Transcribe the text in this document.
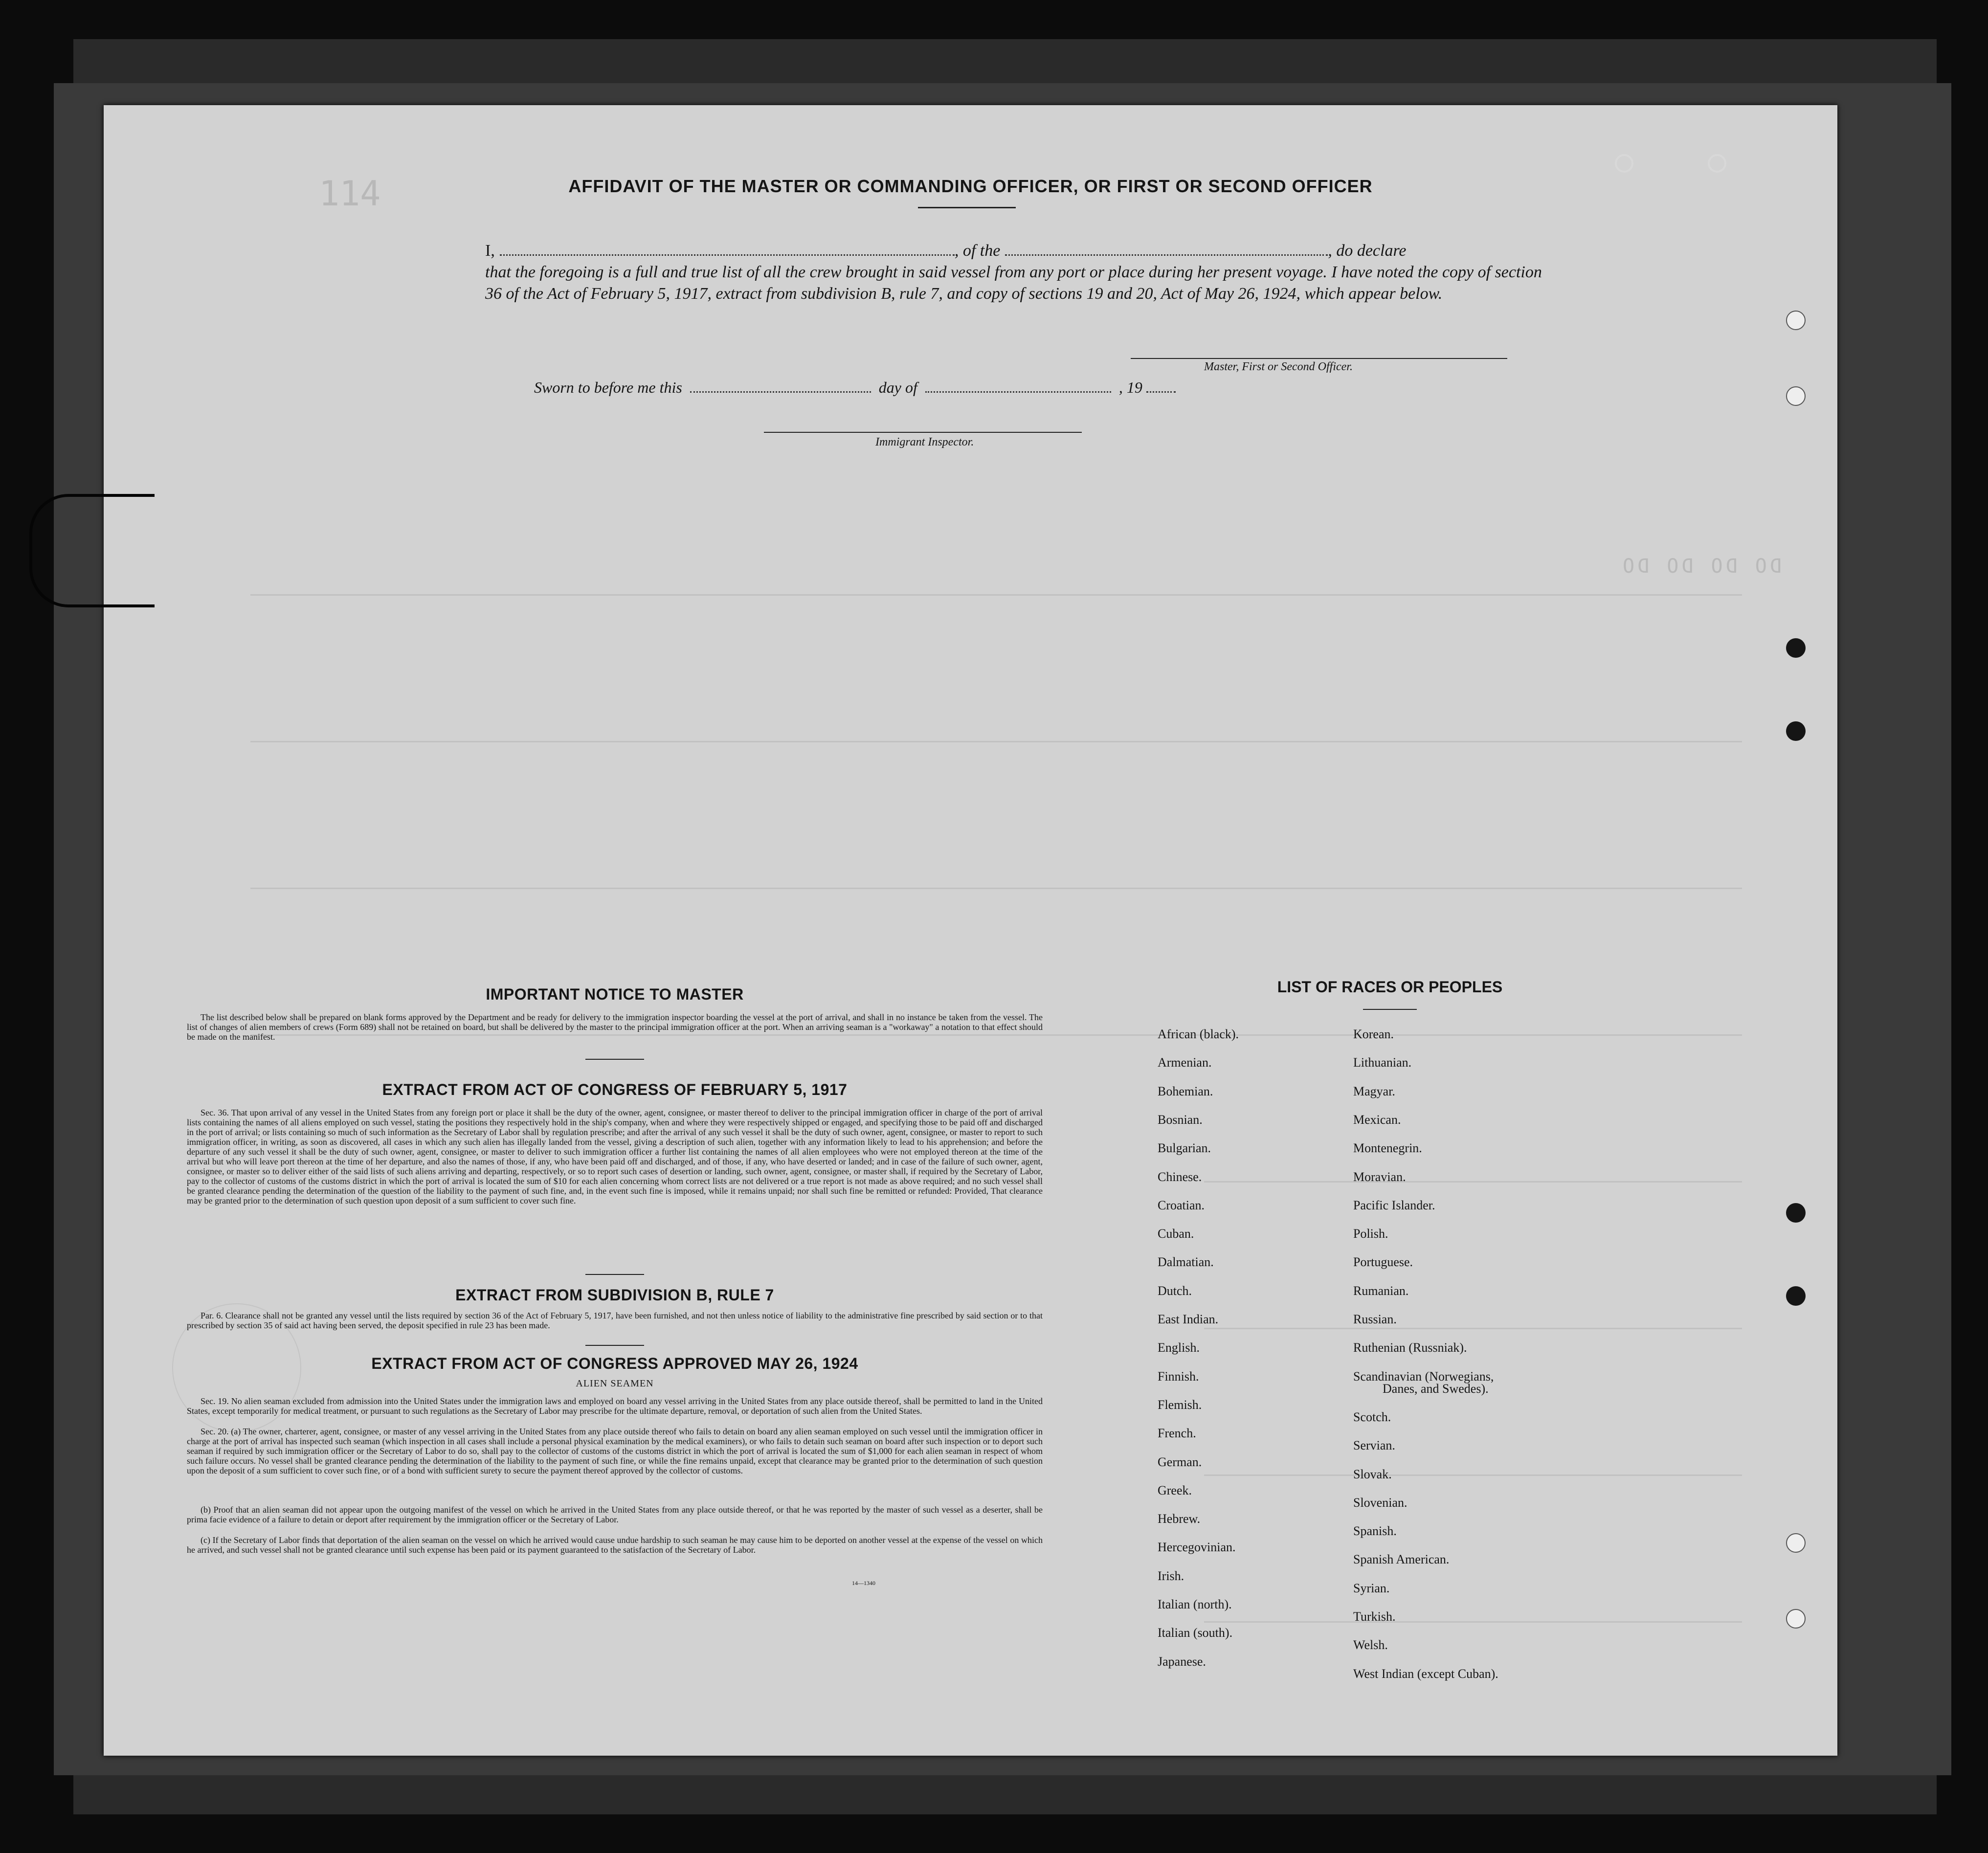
114
DO DO DO DO
AFFIDAVIT OF THE MASTER OR COMMANDING OFFICER, OR FIRST OR SECOND OFFICER
I,	, of the	, do declare
that the foregoing is a full and true list of all the crew brought in said vessel from any port or place during her present voyage. I have noted the copy of section 36 of the Act of February 5, 1917, extract from subdivision B, rule 7, and copy of sections 19 and 20, Act of May 26, 1924, which appear below.
Master, First or Second Officer.
Sworn to before me this	day of	, 19
Immigrant Inspector.
IMPORTANT NOTICE TO MASTER
The list described below shall be prepared on blank forms approved by the Department and be ready for delivery to the immigration inspector boarding the vessel at the port of arrival, and shall in no instance be taken from the vessel. The list of changes of alien members of crews (Form 689) shall not be retained on board, but shall be delivered by the master to the principal immigration officer at the port. When an arriving seaman is a "workaway" a notation to that effect should be made on the manifest.
EXTRACT FROM ACT OF CONGRESS OF FEBRUARY 5, 1917
Sec. 36. That upon arrival of any vessel in the United States from any foreign port or place it shall be the duty of the owner, agent, consignee, or master thereof to deliver to the principal immigration officer in charge of the port of arrival lists containing the names of all aliens employed on such vessel, stating the positions they respectively hold in the ship's company, when and where they were respectively shipped or engaged, and specifying those to be paid off and discharged in the port of arrival; or lists containing so much of such information as the Secretary of Labor shall by regulation prescribe; and after the arrival of any such vessel it shall be the duty of such owner, agent, consignee, or master to report to such immigration officer, in writing, as soon as discovered, all cases in which any such alien has illegally landed from the vessel, giving a description of such alien, together with any information likely to lead to his apprehension; and before the departure of any such vessel it shall be the duty of such owner, agent, consignee, or master to deliver to such immigration officer a further list containing the names of all alien employees who were not employed thereon at the time of the arrival but who will leave port thereon at the time of her departure, and also the names of those, if any, who have been paid off and discharged, and of those, if any, who have deserted or landed; and in case of the failure of such owner, agent, consignee, or master so to deliver either of the said lists of such aliens arriving and departing, respectively, or so to report such cases of desertion or landing, such owner, agent, consignee, or master shall, if required by the Secretary of Labor, pay to the collector of customs of the customs district in which the port of arrival is located the sum of $10 for each alien concerning whom correct lists are not delivered or a true report is not made as above required; and no such vessel shall be granted clearance pending the determination of the question of the liability to the payment of such fine, and, in the event such fine is imposed, while it remains unpaid; nor shall such fine be remitted or refunded: Provided, That clearance may be granted prior to the determination of such question upon deposit of a sum sufficient to cover such fine.
EXTRACT FROM SUBDIVISION B, RULE 7
Par. 6. Clearance shall not be granted any vessel until the lists required by section 36 of the Act of February 5, 1917, have been furnished, and not then unless notice of liability to the administrative fine prescribed by said section or to that prescribed by section 35 of said act having been served, the deposit specified in rule 23 has been made.
EXTRACT FROM ACT OF CONGRESS APPROVED MAY 26, 1924
ALIEN SEAMEN
Sec. 19. No alien seaman excluded from admission into the United States under the immigration laws and employed on board any vessel arriving in the United States from any place outside thereof, shall be permitted to land in the United States, except temporarily for medical treatment, or pursuant to such regulations as the Secretary of Labor may prescribe for the ultimate departure, removal, or deportation of such alien from the United States.
Sec. 20. (a) The owner, charterer, agent, consignee, or master of any vessel arriving in the United States from any place outside thereof who fails to detain on board any alien seaman employed on such vessel until the immigration officer in charge at the port of arrival has inspected such seaman (which inspection in all cases shall include a personal physical examination by the medical examiners), or who fails to detain such seaman on board after such inspection or to deport such seaman if required by such immigration officer or the Secretary of Labor to do so, shall pay to the collector of customs of the customs district in which the port of arrival is located the sum of $1,000 for each alien seaman in respect of whom such failure occurs. No vessel shall be granted clearance pending the determination of the liability to the payment of such fine, or while the fine remains unpaid, except that clearance may be granted prior to the determination of such question upon the deposit of a sum sufficient to cover such fine, or of a bond with sufficient surety to secure the payment thereof approved by the collector of customs.
(b) Proof that an alien seaman did not appear upon the outgoing manifest of the vessel on which he arrived in the United States from any place outside thereof, or that he was reported by the master of such vessel as a deserter, shall be prima facie evidence of a failure to detain or deport after requirement by the immigration officer or the Secretary of Labor.
(c) If the Secretary of Labor finds that deportation of the alien seaman on the vessel on which he arrived would cause undue hardship to such seaman he may cause him to be deported on another vessel at the expense of the vessel on which he arrived, and such vessel shall not be granted clearance until such expense has been paid or its payment guaranteed to the satisfaction of the Secretary of Labor.
14—1340
LIST OF RACES OR PEOPLES
African (black).
Armenian.
Bohemian.
Bosnian.
Bulgarian.
Chinese.
Croatian.
Cuban.
Dalmatian.
Dutch.
East Indian.
English.
Finnish.
Flemish.
French.
German.
Greek.
Hebrew.
Hercegovinian.
Irish.
Italian (north).
Italian (south).
Japanese.
Korean.
Lithuanian.
Magyar.
Mexican.
Montenegrin.
Moravian.
Pacific Islander.
Polish.
Portuguese.
Rumanian.
Russian.
Ruthenian (Russniak).
Scandinavian (Norwegians,
Danes, and Swedes).
Scotch.
Servian.
Slovak.
Slovenian.
Spanish.
Spanish American.
Syrian.
Turkish.
Welsh.
West Indian (except Cuban).
